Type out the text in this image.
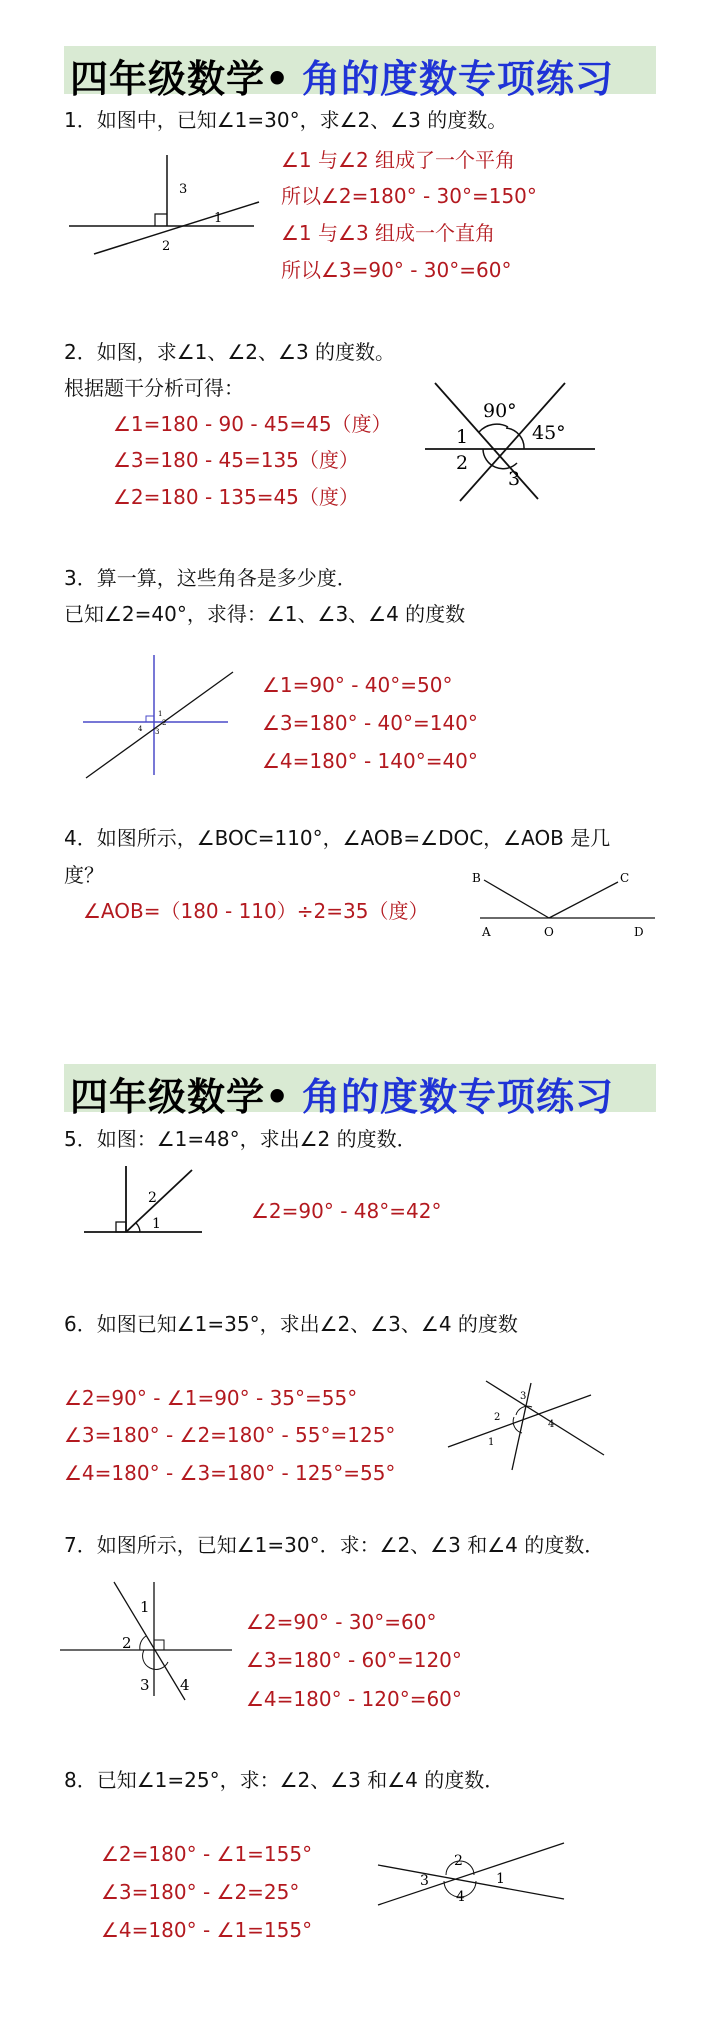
四年级数学• 角的度数专项练习
1．如图中，已知∠1=30°，求∠2、∠3 的度数。
3
1
2
∠1 与∠2 组成了一个平角
所以∠2=180° - 30°=150°
∠1 与∠3 组成一个直角
所以∠3=90° - 30°=60°
2．如图，求∠1、∠2、∠3 的度数。
根据题干分析可得：
∠1=180 - 90 - 45=45（度）
∠3=180 - 45=135（度）
∠2=180 - 135=45（度）
90°
45°
1
2
3
3．算一算，这些角各是多少度．
已知∠2=40°，求得：∠1、∠3、∠4 的度数
1
2
3
4
∠1=90° - 40°=50°
∠3=180° - 40°=140°
∠4=180° - 140°=40°
4．如图所示，∠BOC=110°，∠AOB=∠DOC，∠AOB 是几
度？
∠AOB=（180 - 110）÷2=35（度）
B	C
A	O	D
四年级数学• 角的度数专项练习
5．如图：∠1=48°，求出∠2 的度数．
1
2
∠2=90° - 48°=42°
6．如图已知∠1=35°，求出∠2、∠3、∠4 的度数
∠2=90° - ∠1=90° - 35°=55°
∠3=180° - ∠2=180° - 55°=125°
∠4=180° - ∠3=180° - 125°=55°
3
2
4
1
7．如图所示，已知∠1=30°．求：∠2、∠3 和∠4 的度数．
1
2
3 4
∠2=90° - 30°=60°
∠3=180° - 60°=120°
∠4=180° - 120°=60°
8．已知∠1=25°，求：∠2、∠3 和∠4 的度数．
∠2=180° - ∠1=155°
∠3=180° - ∠2=25°
∠4=180° - ∠1=155°
2
3	1
4
